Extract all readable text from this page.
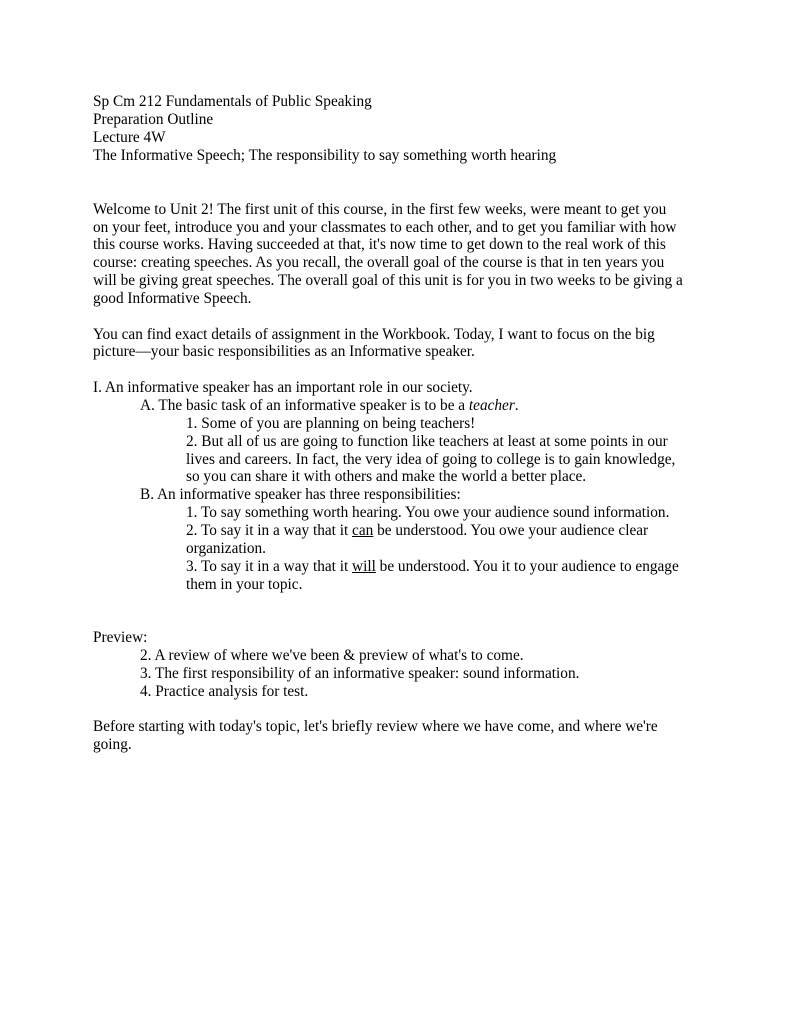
Sp Cm 212 Fundamentals of Public Speaking

Preparation Outline

Lecture 4W

The Informative Speech; The responsibility to say something worth hearing

Welcome to Unit 2! The first unit of this course, in the first few weeks, were meant to get you

on your feet, introduce you and your classmates to each other, and to get you familiar with how

this course works. Having succeeded at that, it's now time to get down to the real work of this

course: creating speeches. As you recall, the overall goal of the course is that in ten years you

will be giving great speeches. The overall goal of this unit is for you in two weeks to be giving a

good Informative Speech.

You can find exact details of assignment in the Workbook. Today, I want to focus on the big

picture—your basic responsibilities as an Informative speaker.

I. An informative speaker has an important role in our society.

A. The basic task of an informative speaker is to be a teacher.

1. Some of you are planning on being teachers!

2. But all of us are going to function like teachers at least at some points in our

lives and careers. In fact, the very idea of going to college is to gain knowledge,

so you can share it with others and make the world a better place.

B. An informative speaker has three responsibilities:

1. To say something worth hearing. You owe your audience sound information.

2. To say it in a way that it can be understood. You owe your audience clear

organization.

3. To say it in a way that it will be understood. You it to your audience to engage

them in your topic.

Preview:

2. A review of where we've been & preview of what's to come.

3. The first responsibility of an informative speaker: sound information.

4. Practice analysis for test.

Before starting with today's topic, let's briefly review where we have come, and where we're

going.
